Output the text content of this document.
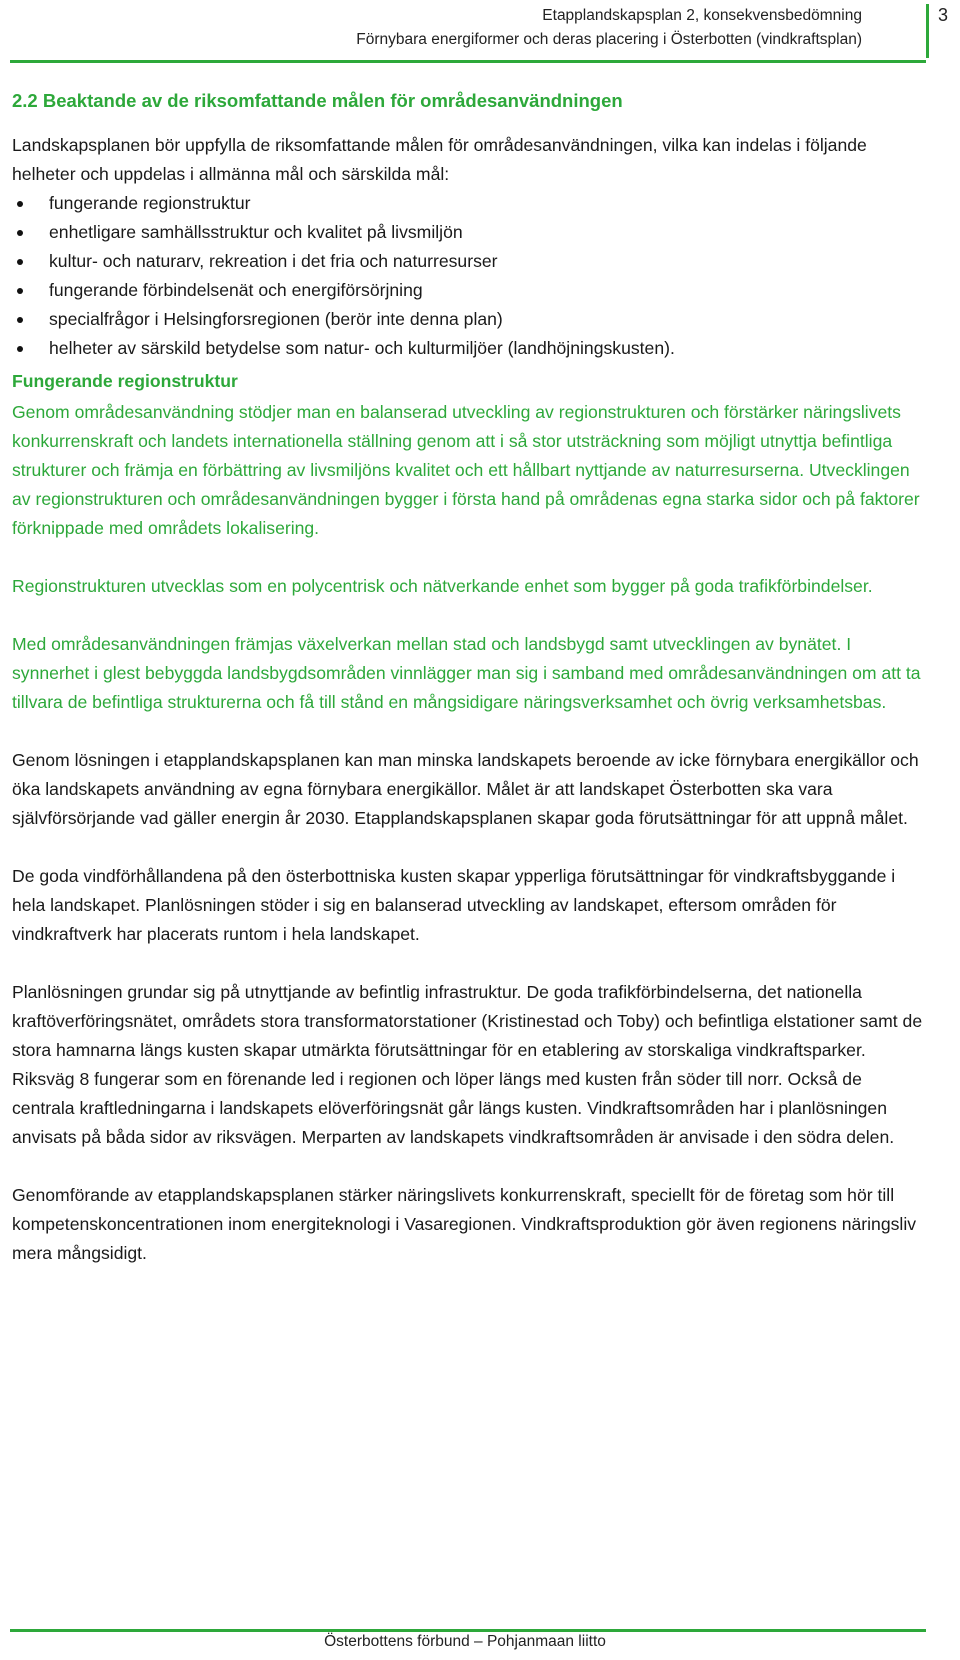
Etapplandskapsplan 2, konsekvensbedömning
Förnybara energiformer och deras placering i Österbotten (vindkraftsplan)
3
2.2 Beaktande av de riksomfattande målen för områdesanvändningen
Landskapsplanen bör uppfylla de riksomfattande målen för områdesanvändningen, vilka kan indelas i följande helheter och uppdelas i allmänna mål och särskilda mål:
fungerande regionstruktur
enhetligare samhällsstruktur och kvalitet på livsmiljön
kultur- och naturarv, rekreation i det fria och naturresurser
fungerande förbindelsenät och energiförsörjning
specialfrågor i Helsingforsregionen (berör inte denna plan)
helheter av särskild betydelse som natur- och kulturmiljöer (landhöjningskusten).
Fungerande regionstruktur

Genom områdesanvändning stödjer man en balanserad utveckling av regionstrukturen och förstärker näringslivets konkurrenskraft och landets internationella ställning genom att i så stor utsträckning som möjligt utnyttja befintliga strukturer och främja en förbättring av livsmiljöns kvalitet och ett hållbart nyttjande av naturresurserna. Utvecklingen av regionstrukturen och områdesanvändningen bygger i första hand på områdenas egna starka sidor och på faktorer förknippade med områdets lokalisering.

Regionstrukturen utvecklas som en polycentrisk och nätverkande enhet som bygger på goda trafikförbindelser.

Med områdesanvändningen främjas växelverkan mellan stad och landsbygd samt utvecklingen av bynätet. I synnerhet i glest bebyggda landsbygdsområden vinnlägger man sig i samband med områdesanvändningen om att ta tillvara de befintliga strukturerna och få till stånd en mångsidigare näringsverksamhet och övrig verksamhetsbas.

Genom lösningen i etapplandskapsplanen kan man minska landskapets beroende av icke förnybara energikällor och öka landskapets användning av egna förnybara energikällor. Målet är att landskapet Österbotten ska vara självförsörjande vad gäller energin år 2030. Etapplandskapsplanen skapar goda förutsättningar för att uppnå målet.

De goda vindförhållandena på den österbottniska kusten skapar ypperliga förutsättningar för vindkraftsbyggande i hela landskapet. Planlösningen stöder i sig en balanserad utveckling av landskapet, eftersom områden för vindkraftverk har placerats runtom i hela landskapet.

Planlösningen grundar sig på utnyttjande av befintlig infrastruktur. De goda trafikförbindelserna, det nationella kraftöverföringsnätet, områdets stora transformatorstationer (Kristinestad och Toby) och befintliga elstationer samt de stora hamnarna längs kusten skapar utmärkta förutsättningar för en etablering av storskaliga vindkraftsparker. Riksväg 8 fungerar som en förenande led i regionen och löper längs med kusten från söder till norr. Också de centrala kraftledningarna i landskapets elöverföringsnät går längs kusten. Vindkraftsområden har i planlösningen anvisats på båda sidor av riksvägen. Merparten av landskapets vindkraftsområden är anvisade i den södra delen.

Genomförande av etapplandskapsplanen stärker näringslivets konkurrenskraft, speciellt för de företag som hör till kompetenskoncentrationen inom energiteknologi i Vasaregionen. Vindkraftsproduktion gör även regionens näringsliv mera mångsidigt.

Österbottens förbund – Pohjanmaan liitto
